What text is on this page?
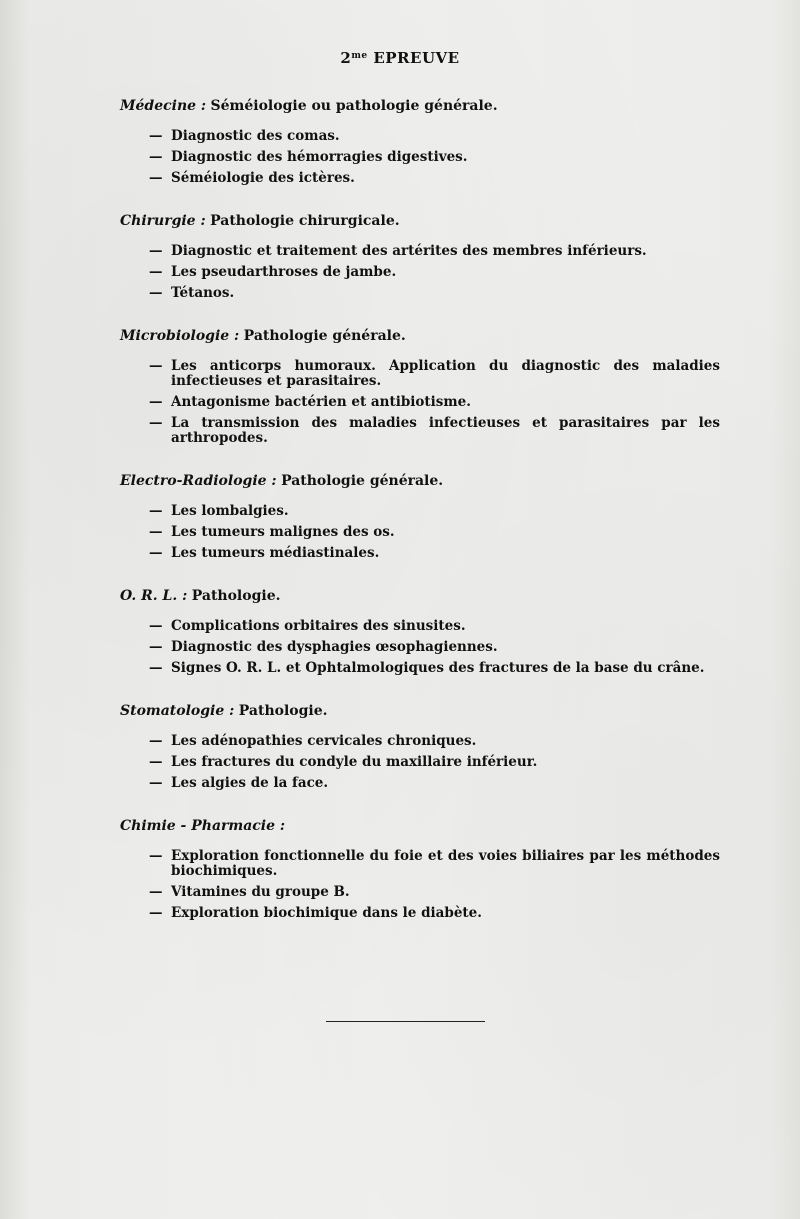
$2^{me}$ EPREUVE
Médecine : Séméiologie ou pathologie générale.
— Diagnostic des comas.
— Diagnostic des hémorragies digestives.
— Séméiologie des ictères.
Chirurgie : Pathologie chirurgicale.
— Diagnostic et traitement des artérites des membres inférieurs.
— Les pseudarthroses de jambe.
— Tétanos.
Microbiologie : Pathologie générale.
— Les anticorps humoraux. Application du diagnostic des maladies infectieuses et parasitaires.
— Antagonisme bactérien et antibiotisme.
— La transmission des maladies infectieuses et parasitaires par les arthropodes.
Electro-Radiologie : Pathologie générale.
— Les lombalgies.
— Les tumeurs malignes des os.
— Les tumeurs médiastinales.
O. R. L. : Pathologie.
— Complications orbitaires des sinusites.
— Diagnostic des dysphagies œsophagiennes.
— Signes O. R. L. et Ophtalmologiques des fractures de la base du crâne.
Stomatologie : Pathologie.
— Les adénopathies cervicales chroniques.
— Les fractures du condyle du maxillaire inférieur.
— Les algies de la face.
Chimie - Pharmacie :
— Exploration fonctionnelle du foie et des voies biliaires par les méthodes biochimiques.
— Vitamines du groupe B.
— Exploration biochimique dans le diabète.
